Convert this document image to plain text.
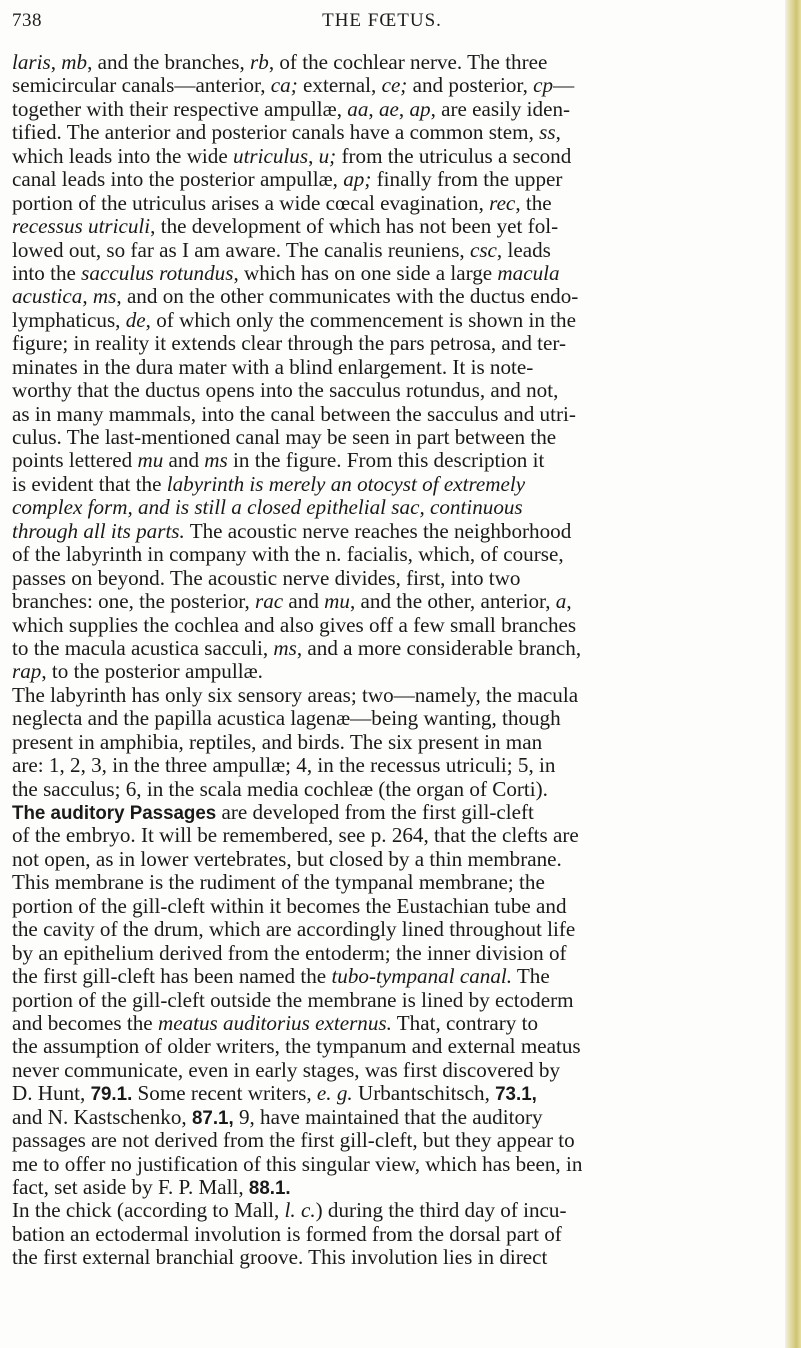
738	THE FŒTUS.
laris, mb, and the branches, rb, of the cochlear nerve. The three
semicircular canals—anterior, ca; external, ce; and posterior, cp—
together with their respective ampullæ, aa, ae, ap, are easily iden-
tified. The anterior and posterior canals have a common stem, ss,
which leads into the wide utriculus, u; from the utriculus a second
canal leads into the posterior ampullæ, ap; finally from the upper
portion of the utriculus arises a wide cœcal evagination, rec, the
recessus utriculi, the development of which has not been yet fol-
lowed out, so far as I am aware. The canalis reuniens, csc, leads
into the sacculus rotundus, which has on one side a large macula
acustica, ms, and on the other communicates with the ductus endo-
lymphaticus, de, of which only the commencement is shown in the
figure; in reality it extends clear through the pars petrosa, and ter-
minates in the dura mater with a blind enlargement. It is note-
worthy that the ductus opens into the sacculus rotundus, and not,
as in many mammals, into the canal between the sacculus and utri-
culus. The last-mentioned canal may be seen in part between the
points lettered mu and ms in the figure. From this description it
is evident that the labyrinth is merely an otocyst of extremely
complex form, and is still a closed epithelial sac, continuous
through all its parts. The acoustic nerve reaches the neighborhood
of the labyrinth in company with the n. facialis, which, of course,
passes on beyond. The acoustic nerve divides, first, into two
branches: one, the posterior, rac and mu, and the other, anterior, a,
which supplies the cochlea and also gives off a few small branches
to the macula acustica sacculi, ms, and a more considerable branch,
rap, to the posterior ampullæ.
The labyrinth has only six sensory areas; two—namely, the macula
neglecta and the papilla acustica lagenæ—being wanting, though
present in amphibia, reptiles, and birds. The six present in man
are: 1, 2, 3, in the three ampullæ; 4, in the recessus utriculi; 5, in
the sacculus; 6, in the scala media cochleæ (the organ of Corti).
The auditory Passages are developed from the first gill-cleft
of the embryo. It will be remembered, see p. 264, that the clefts are
not open, as in lower vertebrates, but closed by a thin membrane.
This membrane is the rudiment of the tympanal membrane; the
portion of the gill-cleft within it becomes the Eustachian tube and
the cavity of the drum, which are accordingly lined throughout life
by an epithelium derived from the entoderm; the inner division of
the first gill-cleft has been named the tubo-tympanal canal. The
portion of the gill-cleft outside the membrane is lined by ectoderm
and becomes the meatus auditorius externus. That, contrary to
the assumption of older writers, the tympanum and external meatus
never communicate, even in early stages, was first discovered by
D. Hunt, 79.1. Some recent writers, e. g. Urbantschitsch, 73.1,
and N. Kastschenko, 87.1, 9, have maintained that the auditory
passages are not derived from the first gill-cleft, but they appear to
me to offer no justification of this singular view, which has been, in
fact, set aside by F. P. Mall, 88.1.
In the chick (according to Mall, l. c.) during the third day of incu-
bation an ectodermal involution is formed from the dorsal part of
the first external branchial groove. This involution lies in direct
